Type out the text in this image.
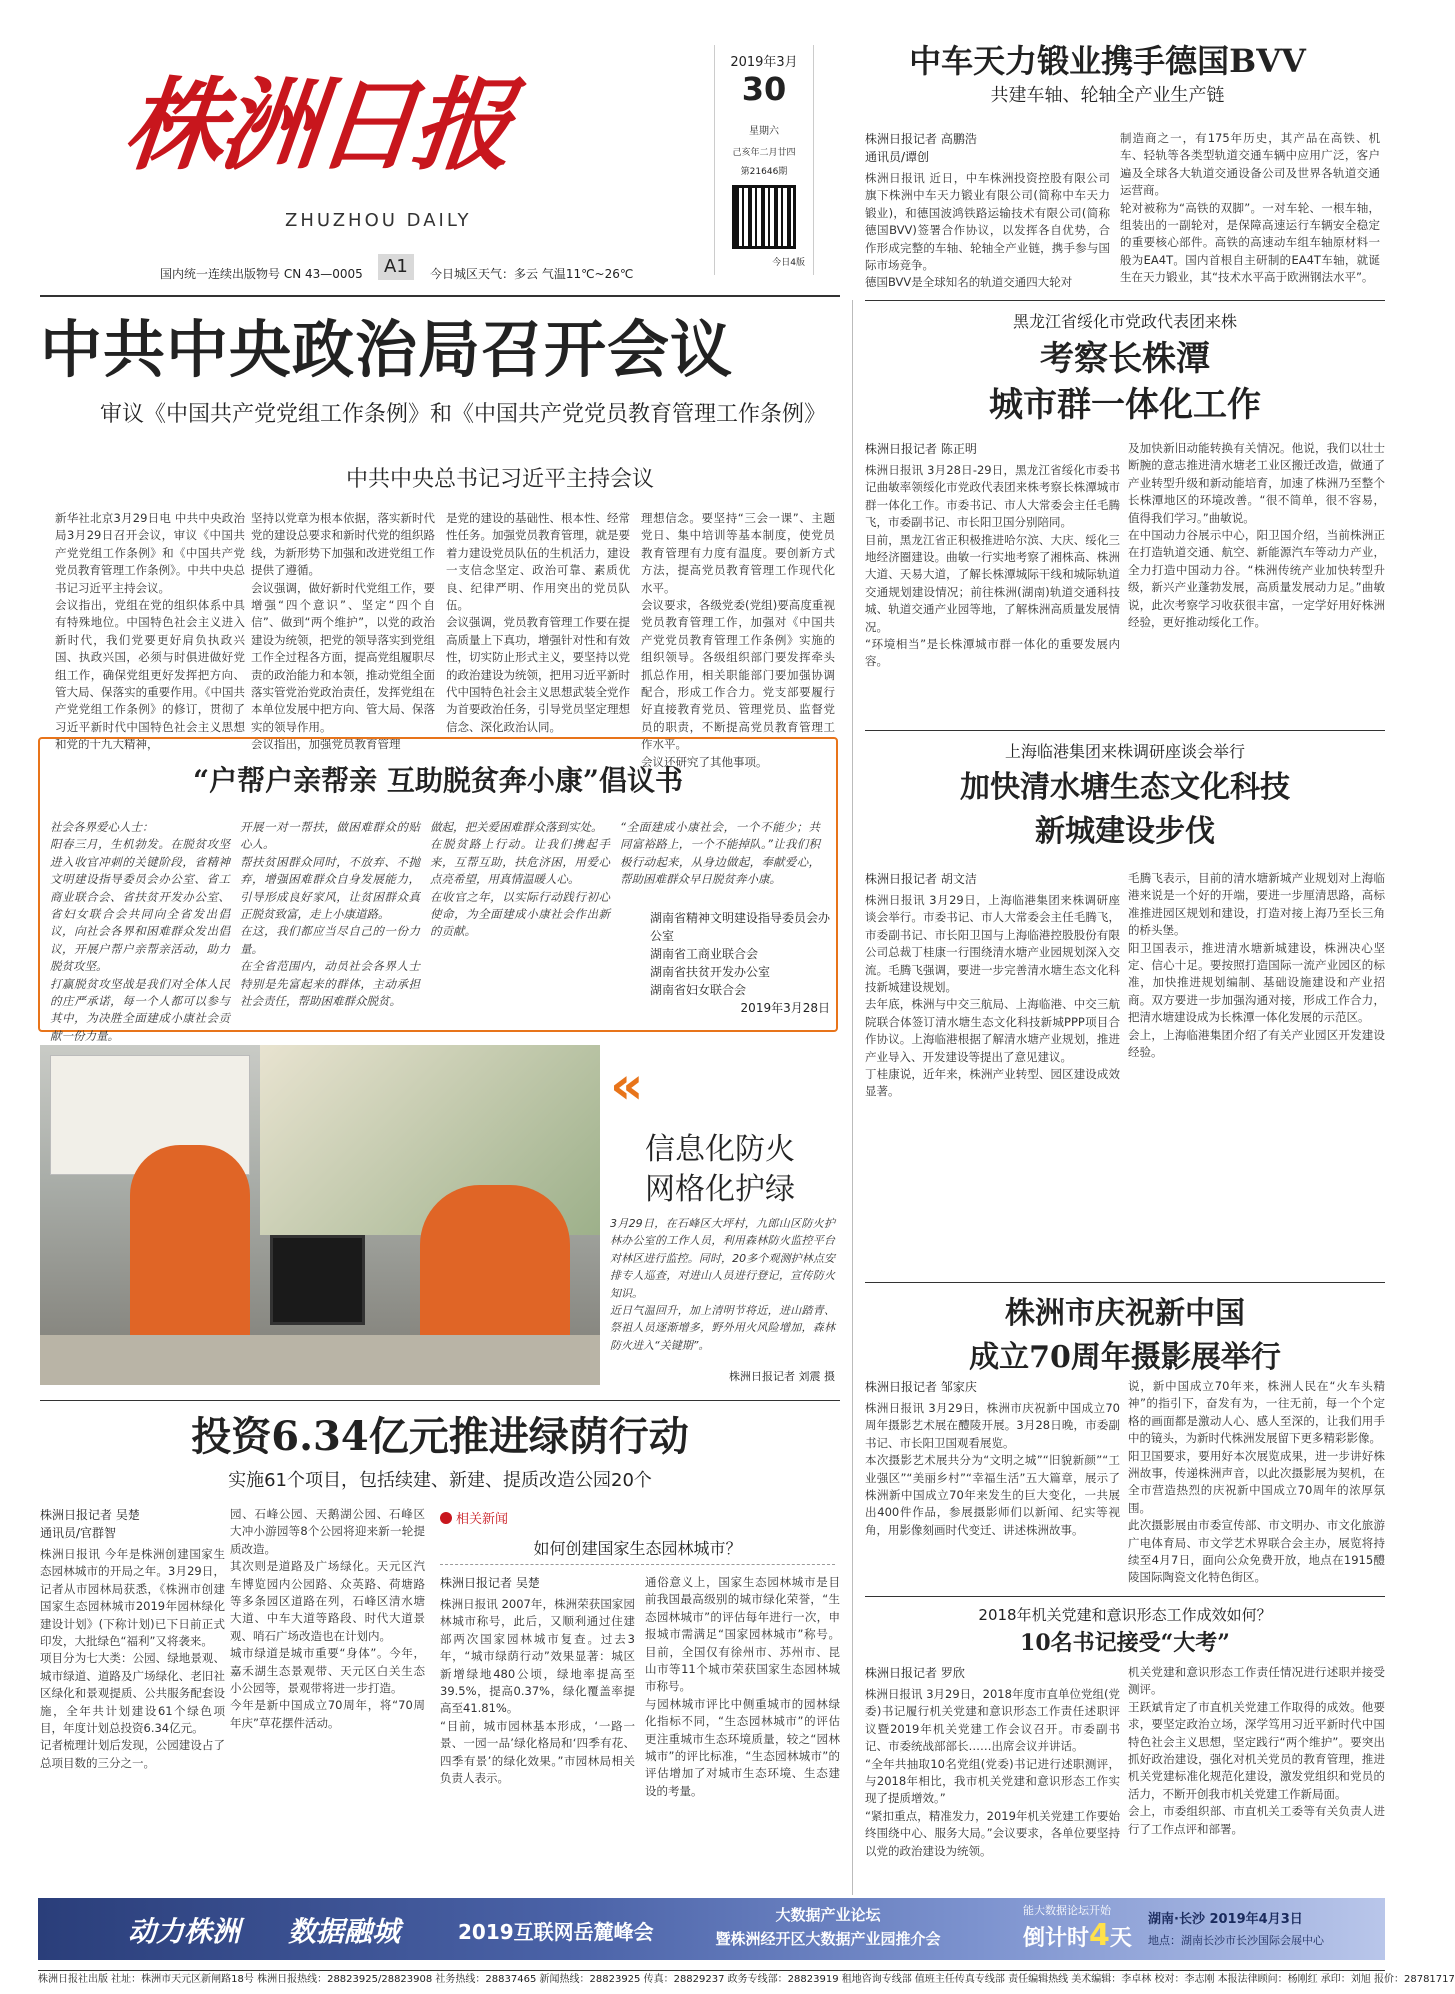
株洲日报
ZHUZHOU DAILY
2019年3月
30
星期六
己亥年二月廿四
第21646期
今日4版
国内统一连续出版物号 CN 43—0005	A1	今日城区天气：多云 气温11℃~26℃
中车天力锻业携手德国BVV
共建车轴、轮轴全产业生产链
株洲日报记者 高鹏浩
通讯员/谭创
株洲日报讯 近日，中车株洲投资控股有限公司旗下株洲中车天力锻业有限公司(简称中车天力锻业)，和德国波鸿铁路运输技术有限公司(简称德国BVV)签署合作协议，以发挥各自优势，合作形成完整的车轴、轮轴全产业链，携手参与国际市场竞争。
德国BVV是全球知名的轨道交通四大轮对
制造商之一，有175年历史，其产品在高铁、机车、轻轨等各类型轨道交通车辆中应用广泛，客户遍及全球各大轨道交通设备公司及世界各轨道交通运营商。
轮对被称为“高铁的双脚”。一对车轮、一根车轴，组装出的一副轮对，是保障高速运行车辆安全稳定的重要核心部件。高铁的高速动车组车轴原材料一般为EA4T。国内首根自主研制的EA4T车轴，就诞生在天力锻业，其“技术水平高于欧洲钢法水平”。
中共中央政治局召开会议
审议《中国共产党党组工作条例》和《中国共产党党员教育管理工作条例》
中共中央总书记习近平主持会议
新华社北京3月29日电 中共中央政治局3月29日召开会议，审议《中国共产党党组工作条例》和《中国共产党党员教育管理工作条例》。中共中央总书记习近平主持会议。
会议指出，党组在党的组织体系中具有特殊地位。中国特色社会主义进入新时代，我们党要更好肩负执政兴国、执政兴国，必须与时俱进做好党组工作，确保党组更好发挥把方向、管大局、保落实的重要作用。《中国共产党党组工作条例》的修订，贯彻了习近平新时代中国特色社会主义思想和党的十九大精神，
坚持以党章为根本依据，落实新时代党的建设总要求和新时代党的组织路线，为新形势下加强和改进党组工作提供了遵循。
会议强调，做好新时代党组工作，要增强“四个意识”、坚定“四个自信”、做到“两个维护”，以党的政治建设为统领，把党的领导落实到党组工作全过程各方面，提高党组履职尽责的政治能力和本领，推动党组全面落实管党治党政治责任，发挥党组在本单位发展中把方向、管大局、保落实的领导作用。
会议指出，加强党员教育管理
是党的建设的基础性、根本性、经常性任务。加强党员教育管理，就是要着力建设党员队伍的生机活力，建设一支信念坚定、政治可靠、素质优良、纪律严明、作用突出的党员队伍。
会议强调，党员教育管理工作要在提高质量上下真功，增强针对性和有效性，切实防止形式主义，要坚持以党的政治建设为统领，把用习近平新时代中国特色社会主义思想武装全党作为首要政治任务，引导党员坚定理想信念、深化政治认同。
理想信念。要坚持“三会一课”、主题党日、集中培训等基本制度，使党员教育管理有力度有温度。要创新方式方法，提高党员教育管理工作现代化水平。
会议要求，各级党委(党组)要高度重视党员教育管理工作，加强对《中国共产党党员教育管理工作条例》实施的组织领导。各级组织部门要发挥牵头抓总作用，相关职能部门要加强协调配合，形成工作合力。党支部要履行好直接教育党员、管理党员、监督党员的职责，不断提高党员教育管理工作水平。
会议还研究了其他事项。
“户帮户亲帮亲 互助脱贫奔小康”倡议书
社会各界爱心人士：
阳春三月，生机勃发。在脱贫攻坚进入收官冲刺的关键阶段，省精神文明建设指导委员会办公室、省工商业联合会、省扶贫开发办公室、省妇女联合会共同向全省发出倡议，向社会各界和困难群众发出倡议，开展户帮户亲帮亲活动，助力脱贫攻坚。
打赢脱贫攻坚战是我们对全体人民的庄严承诺，每一个人都可以参与其中，为决胜全面建成小康社会贡献一份力量。
开展一对一帮扶，做困难群众的贴心人。
帮扶贫困群众同时，不放弃、不抛弃，增强困难群众自身发展能力，引导形成良好家风，让贫困群众真正脱贫致富，走上小康道路。
在这，我们都应当尽自己的一份力量。
在全省范围内，动员社会各界人士特别是先富起来的群体，主动承担社会责任，帮助困难群众脱贫。
做起，把关爱困难群众落到实处。
在脱贫路上行动。让我们携起手来，互帮互助，扶危济困，用爱心点亮希望，用真情温暖人心。
在收官之年，以实际行动践行初心使命，为全面建成小康社会作出新的贡献。
“全面建成小康社会，一个不能少；共同富裕路上，一个不能掉队。”让我们积极行动起来，从身边做起，奉献爱心，帮助困难群众早日脱贫奔小康。
湖南省精神文明建设指导委员会办公室
湖南省工商业联合会
湖南省扶贫开发办公室
湖南省妇女联合会
2019年3月28日
«
信息化防火
网格化护绿
3月29日，在石峰区大坪村，九郎山区防火护林办公室的工作人员，利用森林防火监控平台对林区进行监控。同时，20多个观测护林点安排专人巡查，对进山人员进行登记，宣传防火知识。
近日气温回升，加上清明节将近，进山踏青、祭祖人员逐渐增多，野外用火风险增加，森林防火进入“关键期”。
株洲日报记者 刘震 摄
投资6.34亿元推进绿荫行动
实施61个项目，包括续建、新建、提质改造公园20个
株洲日报记者 吴楚
通讯员/官群智
株洲日报讯 今年是株洲创建国家生态园林城市的开局之年。3月29日，记者从市园林局获悉，《株洲市创建国家生态园林城市2019年园林绿化建设计划》(下称计划)已下日前正式印发，大批绿色“福利”又将袭来。
项目分为七大类：公园、绿地景观、城市绿道、道路及广场绿化、老旧社区绿化和景观提质、公共服务配套设施，全年共计划建设61个绿色项目，年度计划总投资6.34亿元。
记者梳理计划后发现，公园建设占了总项目数的三分之一。
园、石峰公园、天鹅湖公园、石峰区大冲小游园等8个公园将迎来新一轮提质改造。
其次则是道路及广场绿化。天元区汽车博览园内公园路、众英路、荷塘路等多条园区道路在列，石峰区清水塘大道、中车大道等路段、时代大道景观、哨石广场改造也在计划内。
城市绿道是城市重要“身体”。今年，嘉禾湖生态景观带、天元区白关生态小公园等，景观带将进一步打造。
今年是新中国成立70周年，将“70周年庆”草花摆件活动。
相关新闻
如何创建国家生态园林城市？
株洲日报记者 吴楚
株洲日报讯 2007年，株洲荣获国家园林城市称号，此后，又顺利通过住建部两次国家园林城市复查。过去3年，“城市绿荫行动”效果显著：城区新增绿地480公顷，绿地率提高至39.5%，提高0.37%，绿化覆盖率提高至41.81%。
“目前，城市园林基本形成，‘一路一景、一园一品’绿化格局和‘四季有花、四季有景’的绿化效果。”市园林局相关负责人表示。
通俗意义上，国家生态园林城市是目前我国最高级别的城市绿化荣誉，“生态园林城市”的评估每年进行一次，申报城市需满足“国家园林城市”称号。目前，全国仅有徐州市、苏州市、昆山市等11个城市荣获国家生态园林城市称号。
与园林城市评比中侧重城市的园林绿化指标不同，“生态园林城市”的评估更注重城市生态环境质量，较之“园林城市”的评比标准，“生态园林城市”的评估增加了对城市生态环境、生态建设的考量。
黑龙江省绥化市党政代表团来株
考察长株潭
城市群一体化工作
株洲日报记者 陈正明
株洲日报讯 3月28日-29日，黑龙江省绥化市委书记曲敏率领绥化市党政代表团来株考察长株潭城市群一体化工作。市委书记、市人大常委会主任毛腾飞，市委副书记、市长阳卫国分别陪同。
目前，黑龙江省正积极推进哈尔滨、大庆、绥化三地经济圈建设。曲敏一行实地考察了湘株高、株洲大道、天易大道，了解长株潭城际干线和城际轨道交通规划建设情况；前往株洲(湖南)轨道交通科技城、轨道交通产业园等地，了解株洲高质量发展情况。
“环境相当”是长株潭城市群一体化的重要发展内容。
及加快新旧动能转换有关情况。他说，我们以壮士断腕的意志推进清水塘老工业区搬迁改造，做通了产业转型升级和新动能培育，加速了株洲乃至整个长株潭地区的环境改善。“很不简单，很不容易，值得我们学习。”曲敏说。
在中国动力谷展示中心，阳卫国介绍，当前株洲正在打造轨道交通、航空、新能源汽车等动力产业，全力打造中国动力谷。“株洲传统产业加快转型升级，新兴产业蓬勃发展，高质量发展动力足。”曲敏说，此次考察学习收获很丰富，一定学好用好株洲经验，更好推动绥化工作。
上海临港集团来株调研座谈会举行
加快清水塘生态文化科技
新城建设步伐
株洲日报记者 胡文洁
株洲日报讯 3月29日，上海临港集团来株调研座谈会举行。市委书记、市人大常委会主任毛腾飞，市委副书记、市长阳卫国与上海临港控股股份有限公司总裁丁桂康一行围绕清水塘产业园规划深入交流。毛腾飞强调，要进一步完善清水塘生态文化科技新城建设规划。
去年底，株洲与中交三航局、上海临港、中交三航院联合体签订清水塘生态文化科技新城PPP项目合作协议。上海临港根据了解清水塘产业规划，推进产业导入、开发建设等提出了意见建议。
丁桂康说，近年来，株洲产业转型、园区建设成效显著。
毛腾飞表示，目前的清水塘新城产业规划对上海临港来说是一个好的开端，要进一步厘清思路，高标准推进园区规划和建设，打造对接上海乃至长三角的桥头堡。
阳卫国表示，推进清水塘新城建设，株洲决心坚定、信心十足。要按照打造国际一流产业园区的标准，加快推进规划编制、基础设施建设和产业招商。双方要进一步加强沟通对接，形成工作合力，把清水塘建设成为长株潭一体化发展的示范区。
会上，上海临港集团介绍了有关产业园区开发建设经验。
株洲市庆祝新中国
成立70周年摄影展举行
株洲日报记者 邹家庆
株洲日报讯 3月29日，株洲市庆祝新中国成立70周年摄影艺术展在醴陵开展。3月28日晚，市委副书记、市长阳卫国观看展览。
本次摄影艺术展共分为“文明之城”“旧貌新颜”“工业强区”“美丽乡村”“幸福生活”五大篇章，展示了株洲新中国成立70年来发生的巨大变化，一共展出400件作品，参展摄影师们以新闻、纪实等视角，用影像刻画时代变迁、讲述株洲故事。
说，新中国成立70年来，株洲人民在“火车头精神”的指引下，奋发有为，一往无前，每一个个定格的画面都是激动人心、感人至深的，让我们用手中的镜头，为新时代株洲发展留下更多精彩影像。
阳卫国要求，要用好本次展览成果，进一步讲好株洲故事，传递株洲声音，以此次摄影展为契机，在全市营造热烈的庆祝新中国成立70周年的浓厚氛围。
此次摄影展由市委宣传部、市文明办、市文化旅游广电体育局、市文学艺术界联合会主办，展览将持续至4月7日，面向公众免费开放，地点在1915醴陵国际陶瓷文化特色街区。
2018年机关党建和意识形态工作成效如何？
10名书记接受“大考”
株洲日报记者 罗欣
株洲日报讯 3月29日，2018年度市直单位党组(党委)书记履行机关党建和意识形态工作责任述职评议暨2019年机关党建工作会议召开。市委副书记、市委统战部部长……出席会议并讲话。
“全年共抽取10名党组(党委)书记进行述职测评，与2018年相比，我市机关党建和意识形态工作实现了提质增效。”
“紧扣重点，精准发力，2019年机关党建工作要始终围绕中心、服务大局。”会议要求，各单位要坚持以党的政治建设为统领。
机关党建和意识形态工作责任情况进行述职并接受测评。
王跃斌肯定了市直机关党建工作取得的成效。他要求，要坚定政治立场，深学笃用习近平新时代中国特色社会主义思想，坚定践行“两个维护”。要突出抓好政治建设，强化对机关党员的教育管理，推进机关党建标准化规范化建设，激发党组织和党员的活力，不断开创我市机关党建工作新局面。
会上，市委组织部、市直机关工委等有关负责人进行了工作点评和部署。
动力株洲 数据融城	2019互联网岳麓峰会
大数据产业论坛
暨株洲经开区大数据产业园推介会
能大数据论坛开始
倒计时 4 天
湖南·长沙 2019年4月3日
地点：湖南长沙市长沙国际会展中心
株洲日报社出版 社址：株洲市天元区新闸路18号 株洲日报热线：28823925/28823908 社务热线：28837465 新闻热线：28823925 传真：28829237 政务专线部：28823919 租地咨询专线部 值班主任传真专线部 责任编辑热线 美术编辑：李卓林 校对：李志刚 本报法律顾问：杨刚红 承印：刘旭 报价：28781717
